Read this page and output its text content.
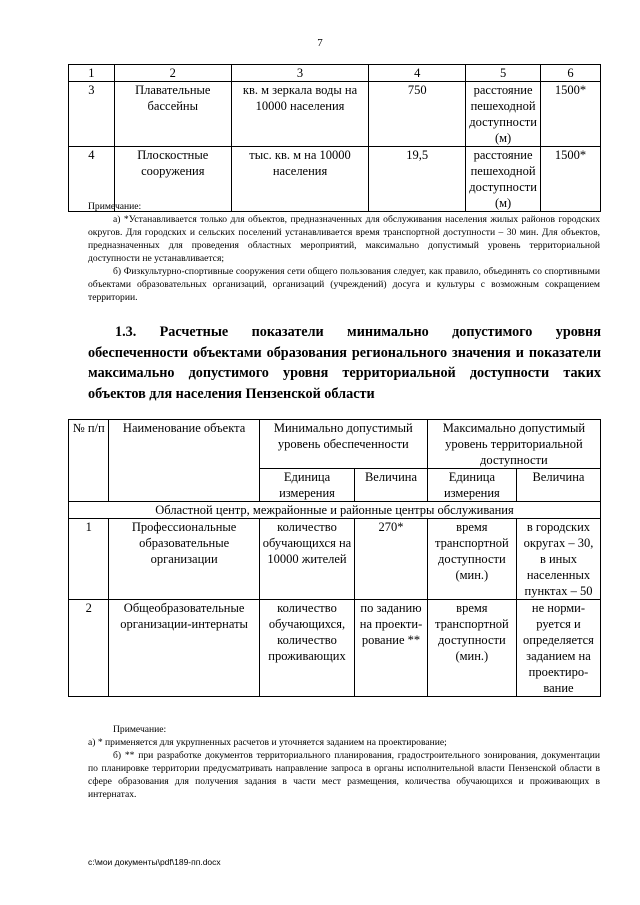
7
1	2	3	4	5	6
3	Плавательные бассейны	кв. м зеркала воды на 10000 населения	750	расстояние пешеходной доступности (м)	1500*
4	Плоскостные сооружения	тыс. кв. м на 10000 населения	19,5	расстояние пешеходной доступности (м)	1500*

Примечание:

а) *Устанавливается только для объектов, предназначенных для обслуживания населения жилых районов городских округов. Для городских и сельских поселений устанавливается время транспортной доступности – 30 мин. Для объектов, предназначенных для проведения областных мероприятий, максимально допустимый уровень территориальной доступности не устанавливается;

б) Физкультурно-спортивные сооружения сети общего пользования следует, как правило, объединять со спортивными объектами образовательных организаций, организаций (учреждений) досуга и культуры с возможным сокращением территории.

1.3. Расчетные показатели минимально допустимого уровня обеспеченности объектами образования регионального значения и показатели максимально допустимого уровня территориальной доступности таких объектов для населения Пензенской области
№ п/п	Наименование объекта	Минимально допустимый уровень обеспеченности		Максимально допустимый уровень территориальной доступности	
		Единица измерения	Величина	Единица измерения	Величина
Областной центр, межрайонные и районные центры обслуживания					
1	Профессиональные образовательные организации	количество обучающихся на 10000 жителей	270*	время транспортной доступности (мин.)	в городских округах – 30, в иных населенных пунктах – 50
2	Общеобразовательные организации-интернаты	количество обучающихся, количество проживающих	по заданию на проекти-рование **	время транспортной доступности (мин.)	не норми-руется и определяется заданием на проектиро-вание

Примечание:

а) * применяется для укрупненных расчетов и уточняется заданием на проектирование;

б) ** при разработке документов территориального планирования, градостроительного зонирования, документации по планировке территории предусматривать направление запроса в органы исполнительной власти Пензенской области в сфере образования для получения задания в части мест размещения, количества обучающихся и проживающих в интернатах.

c:\мои документы\pdf\189-пп.docx
